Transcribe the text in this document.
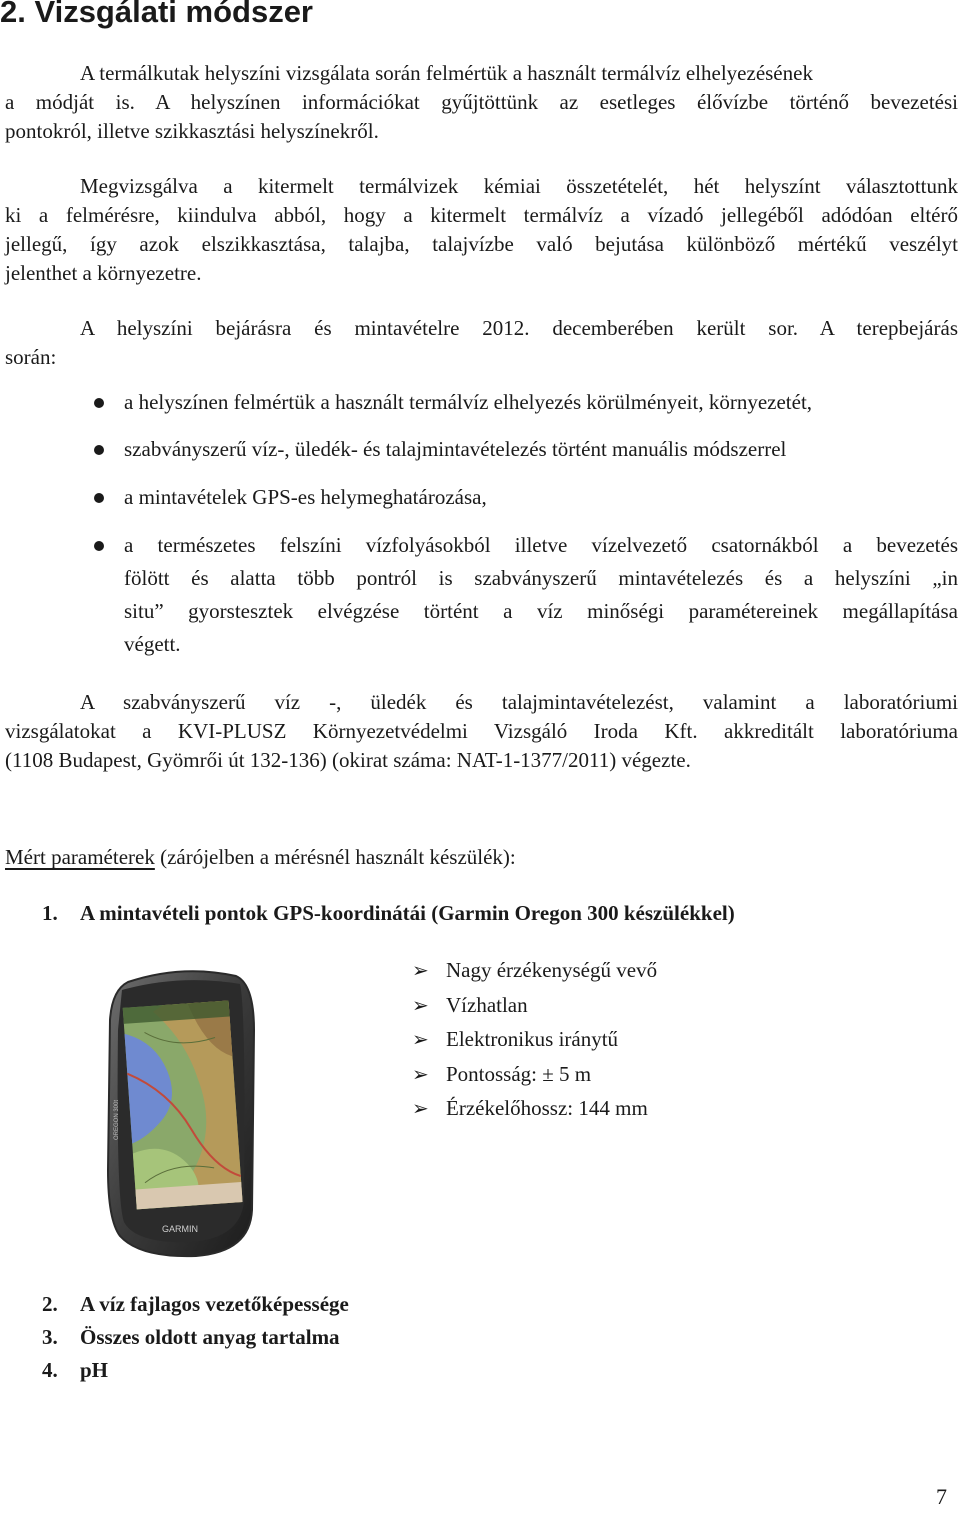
2. Vizsgálati módszer
A termálkutak helyszíni vizsgálata során felmértük a használt termálvíz elhelyezésének
a módját is. A helyszínen információkat gyűjtöttünk az esetleges élővízbe történő bevezetési
pontokról, illetve szikkasztási helyszínekről.
Megvizsgálva a kitermelt termálvizek kémiai összetételét, hét helyszínt választottunk
ki a felmérésre, kiindulva abból, hogy a kitermelt termálvíz a vízadó jellegéből adódóan eltérő
jellegű, így azok elszikkasztása, talajba, talajvízbe való bejutása különböző mértékű veszélyt
jelenthet a környezetre.
A helyszíni bejárásra és mintavételre 2012. decemberében került sor. A terepbejárás
során:
a helyszínen felmértük a használt termálvíz elhelyezés körülményeit, környezetét,
szabványszerű víz-, üledék- és talajmintavételezés történt manuális módszerrel
a mintavételek GPS-es helymeghatározása,
a természetes felszíni vízfolyásokból illetve vízelvezető csatornákból a bevezetés
fölött és alatta több pontról is szabványszerű mintavételezés és a helyszíni „in
situ” gyorstesztek elvégzése történt a víz minőségi paramétereinek megállapítása
végett.
A szabványszerű víz -, üledék és talajmintavételezést, valamint a laboratóriumi
vizsgálatokat a KVI-PLUSZ Környezetvédelmi Vizsgáló Iroda Kft. akkreditált laboratóriuma
(1108 Budapest, Gyömrői út 132-136) (okirat száma: NAT-1-1377/2011) végezte.
Mért paraméterek (zárójelben a mérésnél használt készülék):
1. A mintavételi pontok GPS-koordinátái (Garmin Oregon 300 készülékkel)
➢ Nagy érzékenységű vevő
➢ Vízhatlan
➢ Elektronikus iránytű
➢ Pontosság: ± 5 m
➢ Érzékelőhossz: 144 mm
GARMIN
OREGON 300t
2. A víz fajlagos vezetőképessége
3. Összes oldott anyag tartalma
4. pH
7
